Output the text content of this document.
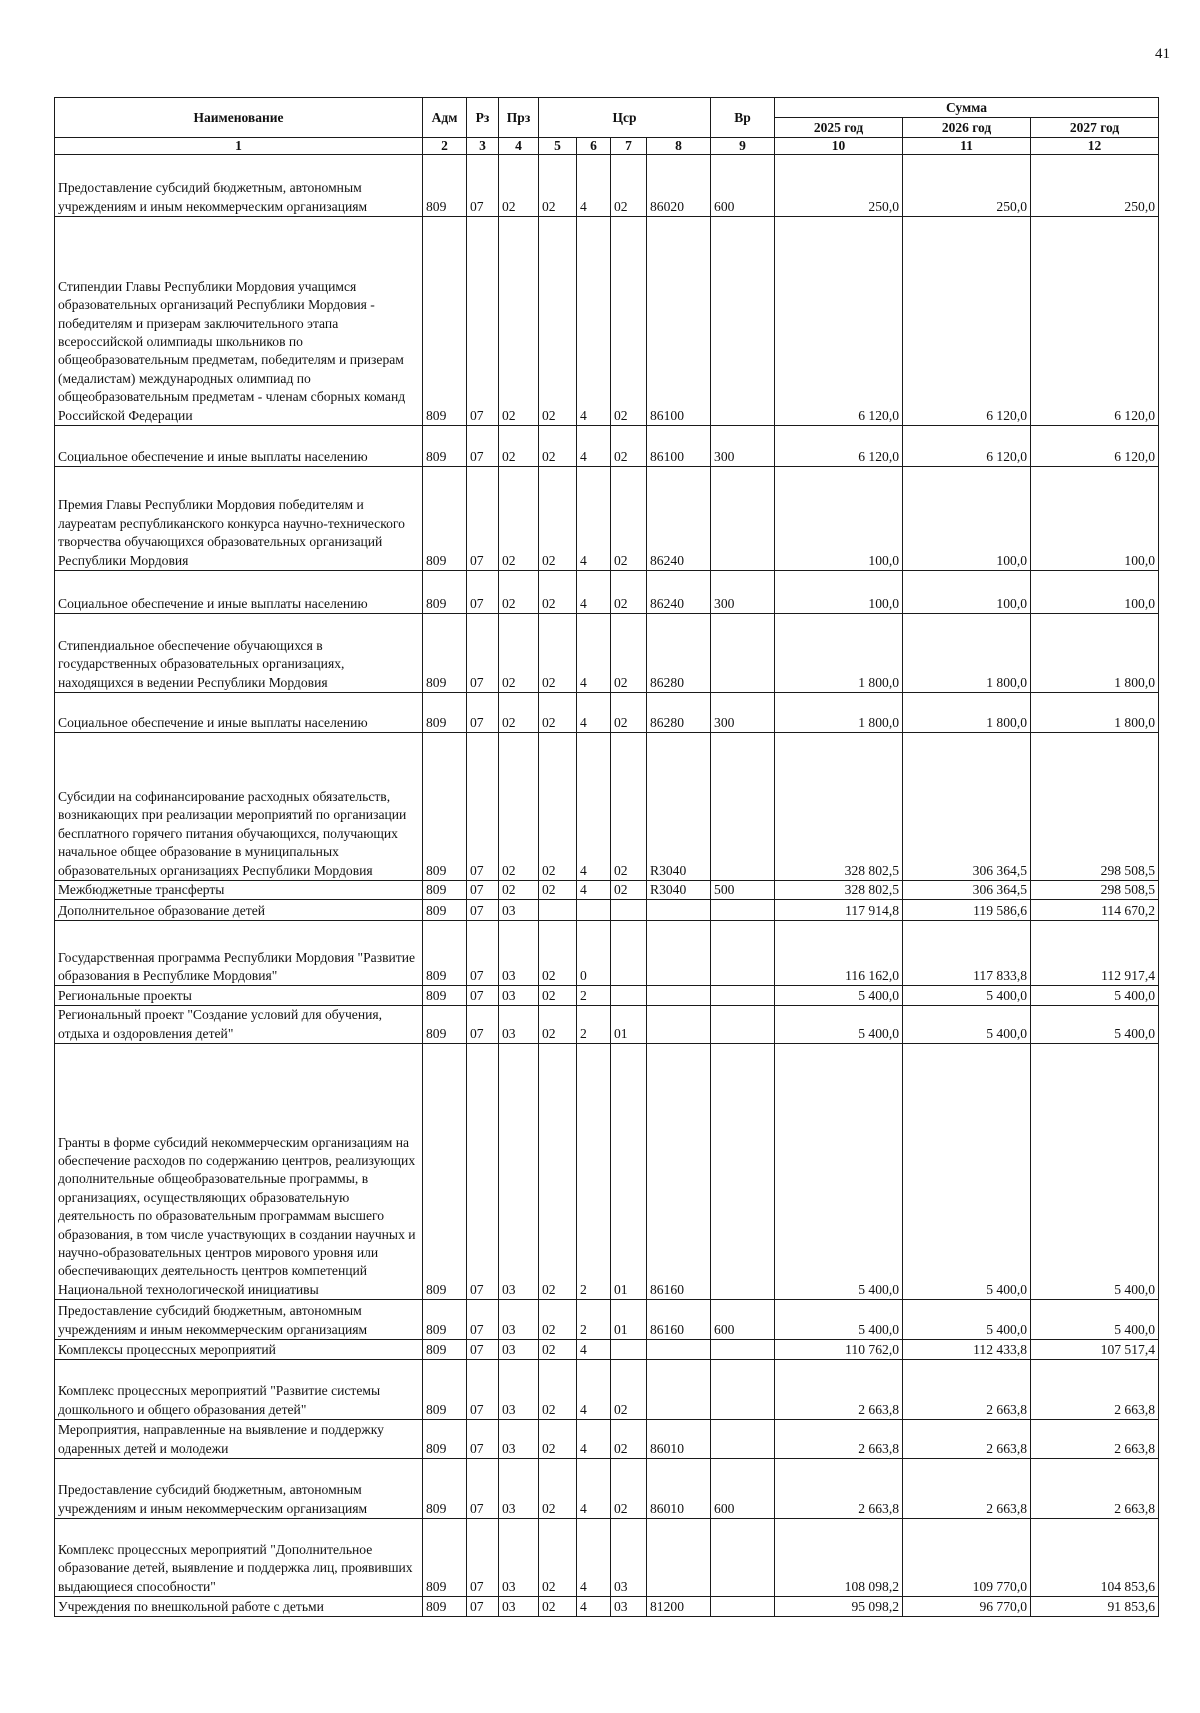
41
Наименование	Адм	Рз	Прз	Цср				Вр	Сумма		
									2025 год	2026 год	2027 год
1	2	3	4	5	6	7	8	9	10	11	12
Предоставление субсидий бюджетным, автономным учреждениям и иным некоммерческим организациям	809	07	02	02	4	02	86020	600	250,0	250,0	250,0
Стипендии Главы Республики Мордовия учащимся образовательных организаций Республики Мордовия - победителям и призерам заключительного этапа всероссийской олимпиады школьников по общеобразовательным предметам, победителям и призерам (медалистам) международных олимпиад по общеобразовательным предметам - членам сборных команд Российской Федерации	809	07	02	02	4	02	86100		6 120,0	6 120,0	6 120,0
Социальное обеспечение и иные выплаты населению	809	07	02	02	4	02	86100	300	6 120,0	6 120,0	6 120,0
Премия Главы Республики Мордовия победителям и лауреатам республиканского конкурса научно-технического творчества обучающихся образовательных организаций Республики Мордовия	809	07	02	02	4	02	86240		100,0	100,0	100,0
Социальное обеспечение и иные выплаты населению	809	07	02	02	4	02	86240	300	100,0	100,0	100,0
Стипендиальное обеспечение обучающихся в государственных образовательных организациях, находящихся в ведении Республики Мордовия	809	07	02	02	4	02	86280		1 800,0	1 800,0	1 800,0
Социальное обеспечение и иные выплаты населению	809	07	02	02	4	02	86280	300	1 800,0	1 800,0	1 800,0
Субсидии на софинансирование расходных обязательств, возникающих при реализации мероприятий по организации бесплатного горячего питания обучающихся, получающих начальное общее образование в муниципальных образовательных организациях Республики Мордовия	809	07	02	02	4	02	R3040		328 802,5	306 364,5	298 508,5
Межбюджетные трансферты	809	07	02	02	4	02	R3040	500	328 802,5	306 364,5	298 508,5
Дополнительное образование детей	809	07	03						117 914,8	119 586,6	114 670,2
Государственная программа Республики Мордовия "Развитие образования в Республике Мордовия"	809	07	03	02	0				116 162,0	117 833,8	112 917,4
Региональные проекты	809	07	03	02	2				5 400,0	5 400,0	5 400,0
Региональный проект "Создание условий для обучения, отдыха и оздоровления детей"	809	07	03	02	2	01			5 400,0	5 400,0	5 400,0
Гранты в форме субсидий некоммерческим организациям на обеспечение расходов по содержанию центров, реализующих дополнительные общеобразовательные программы, в организациях, осуществляющих образовательную деятельность по образовательным программам высшего образования, в том числе участвующих в создании научных и научно-образовательных центров мирового уровня или обеспечивающих деятельность центров компетенций Национальной технологической инициативы	809	07	03	02	2	01	86160		5 400,0	5 400,0	5 400,0
Предоставление субсидий бюджетным, автономным учреждениям и иным некоммерческим организациям	809	07	03	02	2	01	86160	600	5 400,0	5 400,0	5 400,0
Комплексы процессных мероприятий	809	07	03	02	4				110 762,0	112 433,8	107 517,4
Комплекс процессных мероприятий "Развитие системы дошкольного и общего образования детей"	809	07	03	02	4	02			2 663,8	2 663,8	2 663,8
Мероприятия, направленные на выявление и поддержку одаренных детей и молодежи	809	07	03	02	4	02	86010		2 663,8	2 663,8	2 663,8
Предоставление субсидий бюджетным, автономным учреждениям и иным некоммерческим организациям	809	07	03	02	4	02	86010	600	2 663,8	2 663,8	2 663,8
Комплекс процессных мероприятий "Дополнительное образование детей, выявление и поддержка лиц, проявивших выдающиеся способности"	809	07	03	02	4	03			108 098,2	109 770,0	104 853,6
Учреждения по внешкольной работе с детьми	809	07	03	02	4	03	81200		95 098,2	96 770,0	91 853,6
